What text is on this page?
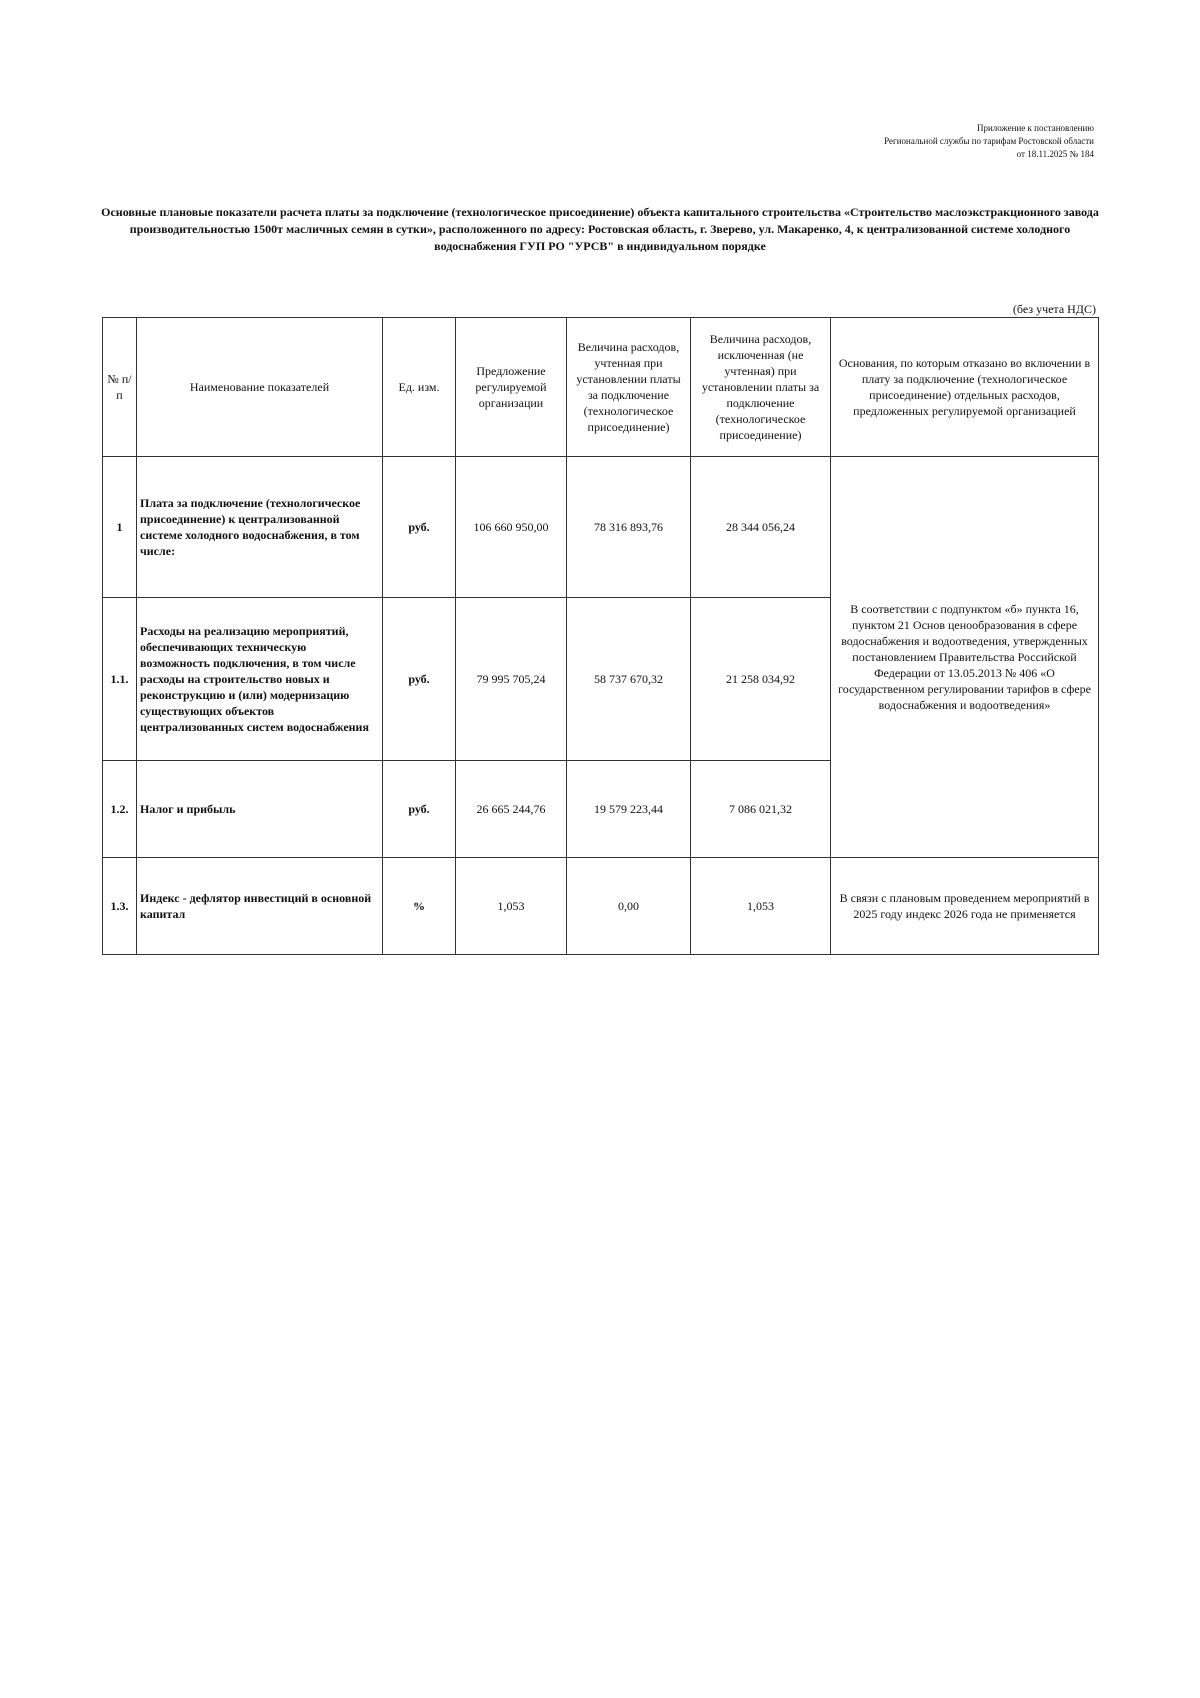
Приложение к постановлению
Региональной службы по тарифам Ростовской области
от 18.11.2025 № 184
Основные плановые показатели расчета платы за подключение (технологическое присоединение) объекта капитального строительства «Строительство маслоэкстракционного завода производительностью 1500т масличных семян в сутки», расположенного по адресу: Ростовская область, г. Зверево, ул. Макаренко, 4, к централизованной системе холодного водоснабжения ГУП РО "УРСВ" в индивидуальном порядке
(без учета НДС)
№ п/п	Наименование показателей	Ед. изм.	Предложение регулируемой организации	Величина расходов, учтенная при установлении платы за подключение (технологическое присоединение)	Величина расходов, исключенная (не учтенная) при установлении платы за подключение (технологическое присоединение)	Основания, по которым отказано во включении в плату за подключение (технологическое присоединение) отдельных расходов, предложенных регулируемой организацией
1	Плата за подключение (технологическое присоединение) к централизованной системе холодного водоснабжения, в том числе:	руб.	106 660 950,00	78 316 893,76	28 344 056,24	В соответствии с подпунктом «б» пункта 16, пунктом 21 Основ ценообразования в сфере водоснабжения и водоотведения, утвержденных постановлением Правительства Российской Федерации от 13.05.2013 № 406 «О государственном регулировании тарифов в сфере водоснабжения и водоотведения»
1.1.	Расходы на реализацию мероприятий, обеспечивающих техническую возможность подключения, в том числе расходы на строительство новых и реконструкцию и (или) модернизацию существующих объектов централизованных систем водоснабжения	руб.	79 995 705,24	58 737 670,32	21 258 034,92	
1.2.	Налог и прибыль	руб.	26 665 244,76	19 579 223,44	7 086 021,32	
1.3.	Индекс - дефлятор инвестиций в основной капитал	%	1,053	0,00	1,053	В связи с плановым проведением мероприятий в 2025 году индекс 2026 года не применяется
